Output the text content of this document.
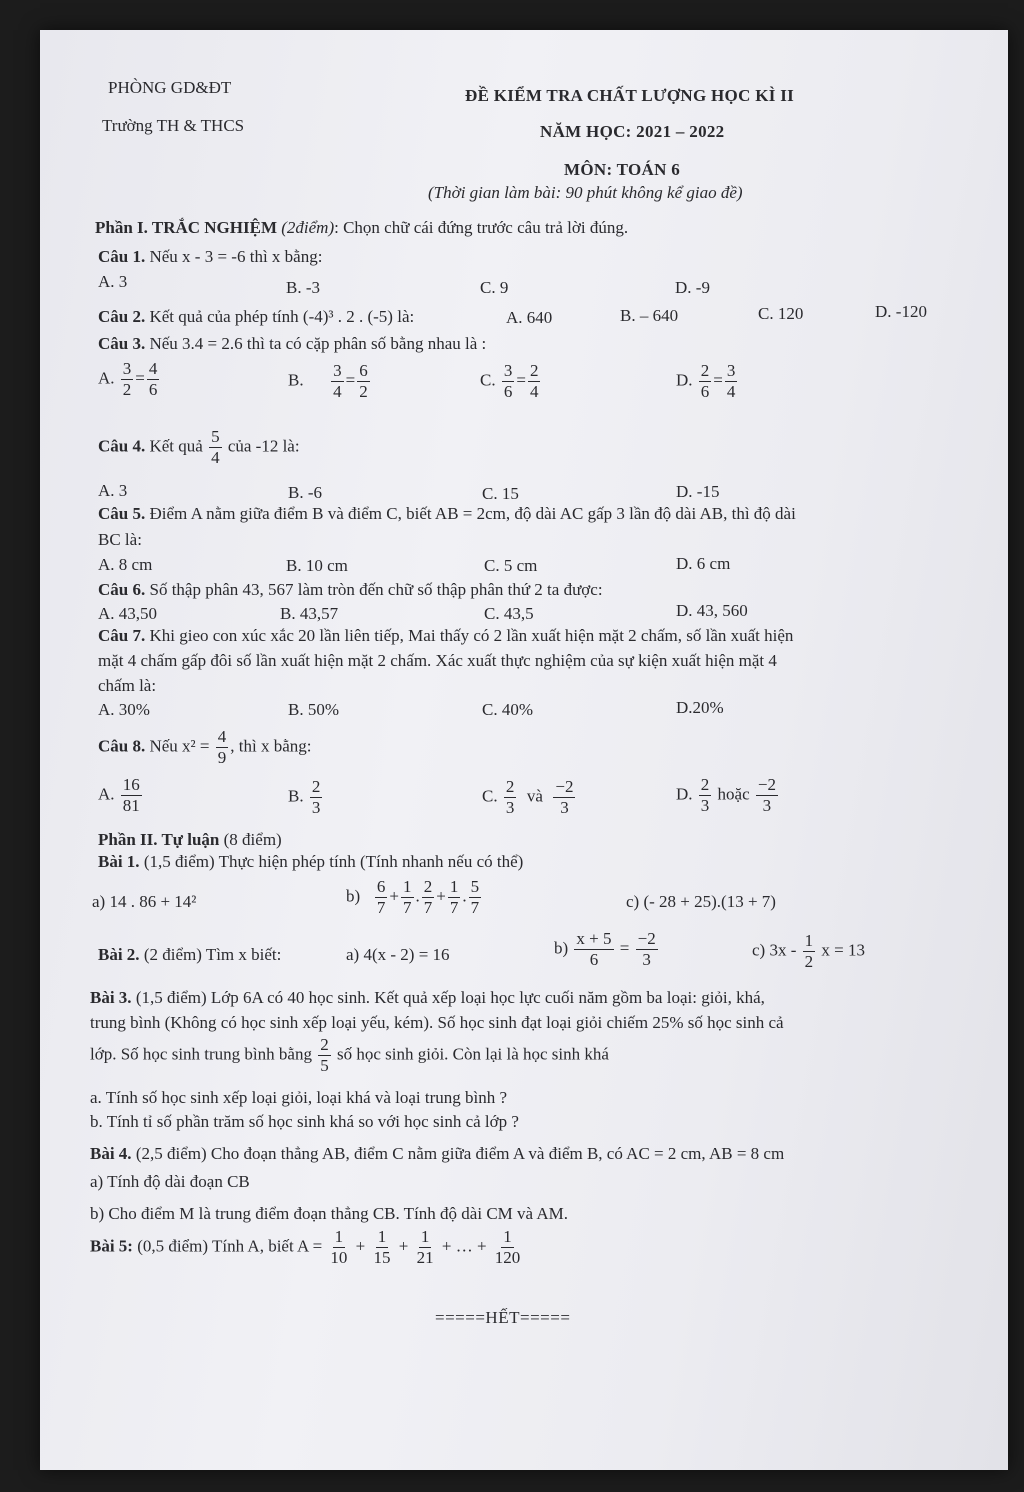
PHÒNG GD&ĐT
Trường TH & THCS
ĐỀ KIỂM TRA CHẤT LƯỢNG HỌC KÌ II
NĂM HỌC: 2021 – 2022
MÔN: TOÁN 6
(Thời gian làm bài: 90 phút không kể giao đề)
Phần I. TRẮC NGHIỆM (2điểm): Chọn chữ cái đứng trước câu trả lời đúng.
Câu 1. Nếu x - 3 = -6 thì x bằng:
A. 3	B. -3	C. 9	D. -9
Câu 2. Kết quả của phép tính (-4)³ . 2 . (-5) là:	A. 640	B. – 640	C. 120	D. -120
Câu 3. Nếu 3.4 = 2.6 thì ta có cặp phân số bằng nhau là :
A. $\frac{3}{2} = \frac{4}{6}$	B. $\frac{3}{4} = \frac{6}{2}$	C. $\frac{3}{6} = \frac{2}{4}$	D. $\frac{2}{6} = \frac{3}{4}$
Câu 4. Kết quả $\frac{5}{4}$ của -12 là:
A. 3	B. -6	C. 15	D. -15
Câu 5. Điểm A nằm giữa điểm B và điểm C, biết AB = 2cm, độ dài AC gấp 3 lần độ dài AB, thì độ dài
BC là:
A. 8 cm	B. 10 cm	C. 5 cm	D. 6 cm
Câu 6. Số thập phân 43, 567 làm tròn đến chữ số thập phân thứ 2 ta được:
A. 43,50	B. 43,57	C. 43,5	D. 43, 560
Câu 7. Khi gieo con xúc xắc 20 lần liên tiếp, Mai thấy có 2 lần xuất hiện mặt 2 chấm, số lần xuất hiện
mặt 4 chấm gấp đôi số lần xuất hiện mặt 2 chấm. Xác xuất thực nghiệm của sự kiện xuất hiện mặt 4
chấm là:
A. 30%	B. 50%	C. 40%	D.20%
Câu 8. Nếu $x^2 = \frac{4}{9}$ , thì x bằng:
A. $\frac{16}{81}$	B. $\frac{2}{3}$	C. $\frac{2}{3}$ và $\frac{-2}{3}$	D. $\frac{2}{3}$ hoặc $\frac{-2}{3}$
Phần II. Tự luận (8 điểm)
Bài 1. (1,5 điểm) Thực hiện phép tính (Tính nhanh nếu có thể)
a) 14 . 86 + 14²	$b) \frac{6}{7} + \frac{1}{7}$ . $\frac{2}{7} + \frac{1}{7}$ . $\frac{5}{7}$	c) (- 28 + 25).(13 + 7)
Bài 2. (2 điểm) Tìm x biết:	a) 4(x - 2) = 16	$b) \frac{x + 5}{6} = \frac{-2}{3}$	c) $3x - \frac{1}{2}$ x = 13
Bài 3. (1,5 điểm) Lớp 6A có 40 học sinh. Kết quả xếp loại học lực cuối năm gồm ba loại: giỏi, khá,
trung bình (Không có học sinh xếp loại yếu, kém). Số học sinh đạt loại giỏi chiếm 25% số học sinh cả
lớp. Số học sinh trung bình bằng $\frac{2}{5}$ số học sinh giỏi. Còn lại là học sinh khá
a. Tính số học sinh xếp loại giỏi, loại khá và loại trung bình ?
b. Tính tỉ số phần trăm số học sinh khá so với học sinh cả lớp ?
Bài 4. (2,5 điểm) Cho đoạn thẳng AB, điểm C nằm giữa điểm A và điểm B, có AC = 2 cm, AB = 8 cm
a) Tính độ dài đoạn CB
b) Cho điểm M là trung điểm đoạn thẳng CB. Tính độ dài CM và AM.
Bài 5: (0,5 điểm) Tính A, biết $A = \frac{1}{10} + \frac{1}{15} + \frac{1}{21}$ + … + $\frac{1}{120}$
=====HẾT=====
